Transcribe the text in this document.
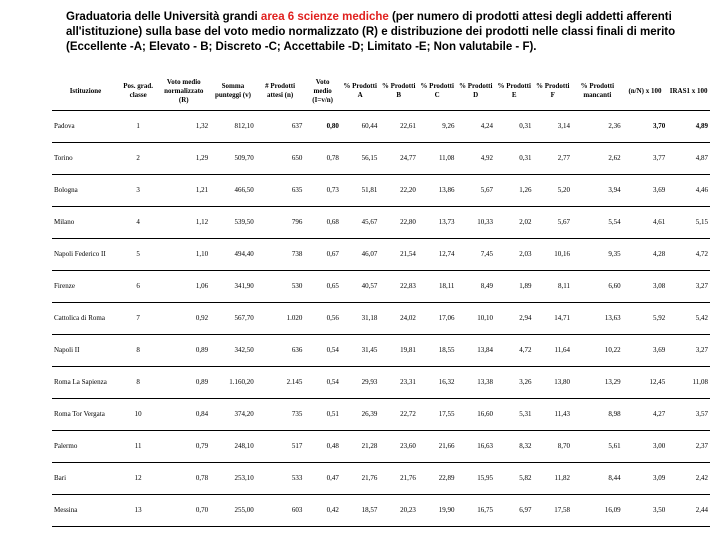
Graduatoria delle Università grandi area 6 scienze mediche (per numero di prodotti attesi degli addetti afferenti all'istituzione) sulla base del voto medio normalizzato (R) e distribuzione dei prodotti nelle classi finali di merito (Eccellente -A; Elevato - B; Discreto -C; Accettabile -D; Limitato -E; Non valutabile - F).
Istituzione	Pos. grad. classe	Voto medio normalizzato (R)	Somma punteggi (v)	# Prodotti attesi (n)	Voto medio (I=v/n)	% Prodotti A	% Prodotti B	% Prodotti C	% Prodotti D	% Prodotti E	% Prodotti F	% Prodotti mancanti	(n/N) x 100	IRAS1 x 100
Padova	1	1,32	812,10	637	0,80	60,44	22,61	9,26	4,24	0,31	3,14	2,36	3,70	4,89
Torino	2	1,29	509,70	650	0,78	56,15	24,77	11,08	4,92	0,31	2,77	2,62	3,77	4,87
Bologna	3	1,21	466,50	635	0,73	51,81	22,20	13,86	5,67	1,26	5,20	3,94	3,69	4,46
Milano	4	1,12	539,50	796	0,68	45,67	22,80	13,73	10,33	2,02	5,67	5,54	4,61	5,15
Napoli Federico II	5	1,10	494,40	738	0,67	46,07	21,54	12,74	7,45	2,03	10,16	9,35	4,28	4,72
Firenze	6	1,06	341,90	530	0,65	40,57	22,83	18,11	8,49	1,89	8,11	6,60	3,08	3,27
Cattolica di Roma	7	0,92	567,70	1.020	0,56	31,18	24,02	17,06	10,10	2,94	14,71	13,63	5,92	5,42
Napoli II	8	0,89	342,50	636	0,54	31,45	19,81	18,55	13,84	4,72	11,64	10,22	3,69	3,27
Roma La Sapienza	8	0,89	1.160,20	2.145	0,54	29,93	23,31	16,32	13,38	3,26	13,80	13,29	12,45	11,08
Roma Tor Vergata	10	0,84	374,20	735	0,51	26,39	22,72	17,55	16,60	5,31	11,43	8,98	4,27	3,57
Palermo	11	0,79	248,10	517	0,48	21,28	23,60	21,66	16,63	8,32	8,70	5,61	3,00	2,37
Bari	12	0,78	253,10	533	0,47	21,76	21,76	22,89	15,95	5,82	11,82	8,44	3,09	2,42
Messina	13	0,70	255,00	603	0,42	18,57	20,23	19,90	16,75	6,97	17,58	16,09	3,50	2,44
